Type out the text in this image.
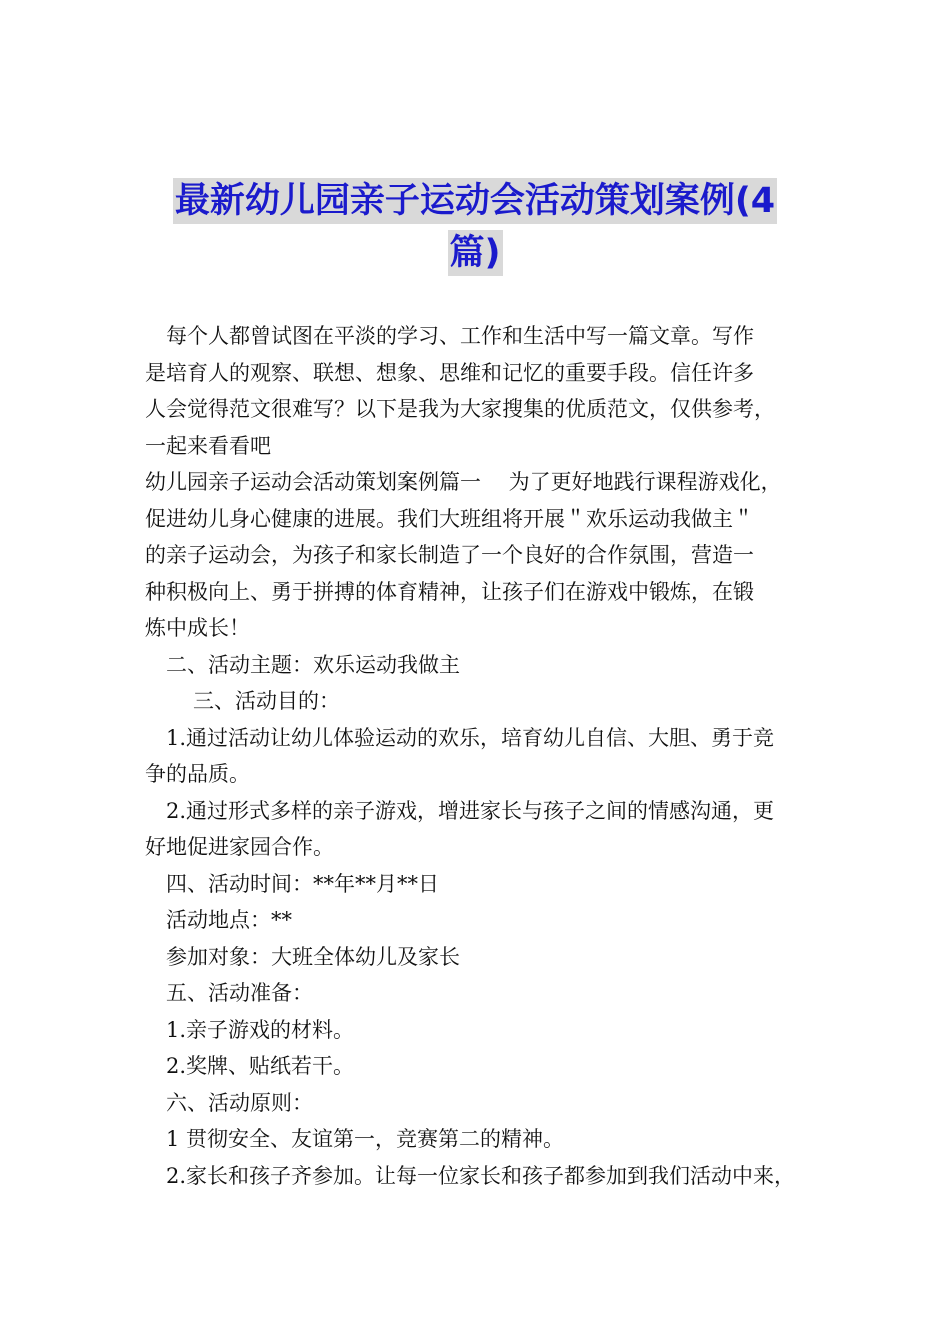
最新幼儿园亲子运动会活动策划案例(4
篇)

每个人都曾试图在平淡的学习、工作和生活中写一篇文章。写作

是培育人的观察、联想、想象、思维和记忆的重要手段。信任许多

人会觉得范文很难写？以下是我为大家搜集的优质范文，仅供参考，

一起来看看吧

幼儿园亲子运动会活动策划案例篇一　 为了更好地践行课程游戏化，

促进幼儿身心健康的进展。我们大班组将开展＂欢乐运动我做主＂

的亲子运动会，为孩子和家长制造了一个良好的合作氛围，营造一

种积极向上、勇于拼搏的体育精神，让孩子们在游戏中锻炼，在锻

炼中成长！

二、活动主题：欢乐运动我做主

三、活动目的：

1.通过活动让幼儿体验运动的欢乐，培育幼儿自信、大胆、勇于竞

争的品质。

2.通过形式多样的亲子游戏，增进家长与孩子之间的情感沟通，更

好地促进家园合作。

四、活动时间：**年**月**日

活动地点：**

参加对象：大班全体幼儿及家长

五、活动准备：

1.亲子游戏的材料。

2.奖牌、贴纸若干。

六、活动原则：

1 贯彻安全、友谊第一，竞赛第二的精神。

2.家长和孩子齐参加。让每一位家长和孩子都参加到我们活动中来，
